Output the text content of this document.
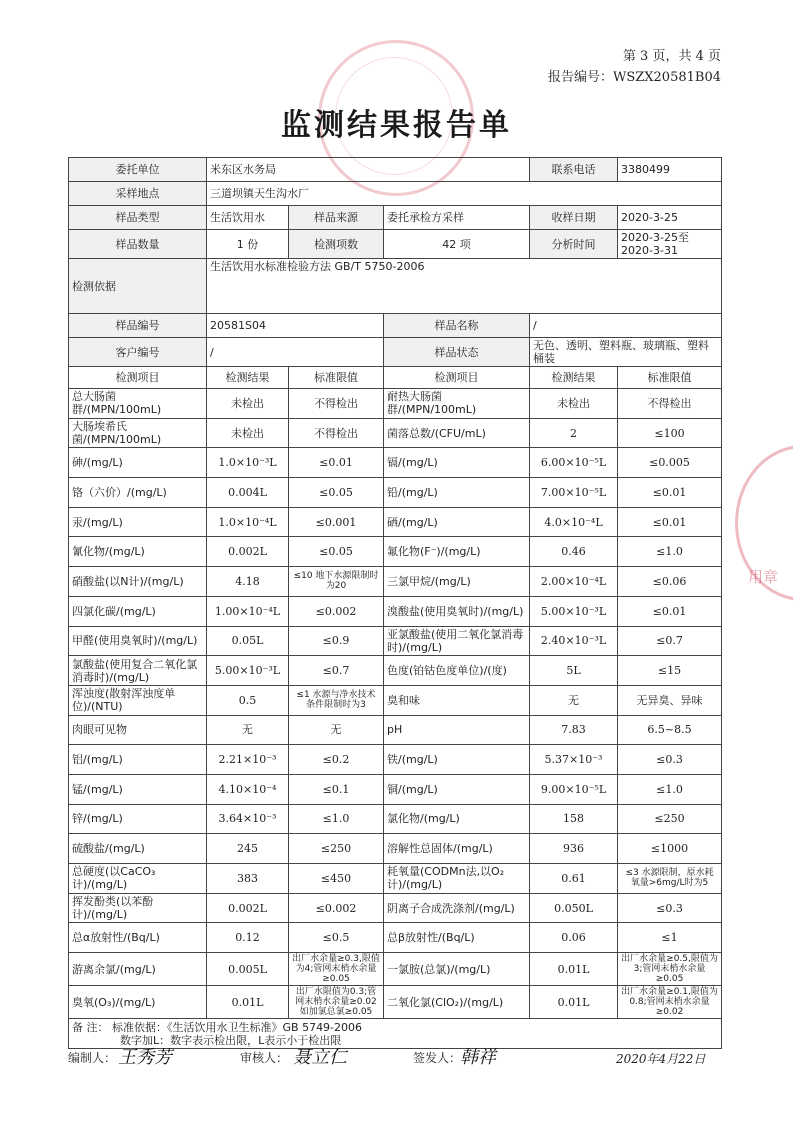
用章
第 3 页，共 4 页
报告编号：WSZX20581B04
监测结果报告单
委托单位	米东区水务局			联系电话	3380499
采样地点	三道坝镇天生沟水厂				
样品类型	生活饮用水	样品来源	委托承检方采样	收样日期	2020-3-25
样品数量	1 份	检测项数	42 项	分析时间	2020-3-25至2020-3-31
检测依据	生活饮用水标准检验方法 GB/T 5750-2006				
样品编号	20581S04		样品名称	/	
客户编号	/		样品状态	无色、透明、塑料瓶、玻璃瓶、塑料桶装	
检测项目	检测结果	标准限值	检测项目	检测结果	标准限值
总大肠菌群/(MPN/100mL)	未检出	不得检出	耐热大肠菌群/(MPN/100mL)	未检出	不得检出
大肠埃希氏菌/(MPN/100mL)	未检出	不得检出	菌落总数/(CFU/mL)	2	≤100
砷/(mg/L)	1.0×10⁻³L	≤0.01	镉/(mg/L)	6.00×10⁻⁵L	≤0.005
铬（六价）/(mg/L)	0.004L	≤0.05	铅/(mg/L)	7.00×10⁻⁵L	≤0.01
汞/(mg/L)	1.0×10⁻⁴L	≤0.001	硒/(mg/L)	4.0×10⁻⁴L	≤0.01
氰化物/(mg/L)	0.002L	≤0.05	氟化物(F⁻)/(mg/L)	0.46	≤1.0
硝酸盐(以N计)/(mg/L)	4.18	≤10 地下水源限制时为20	三氯甲烷/(mg/L)	2.00×10⁻⁴L	≤0.06
四氯化碳/(mg/L)	1.00×10⁻⁴L	≤0.002	溴酸盐(使用臭氧时)/(mg/L)	5.00×10⁻³L	≤0.01
甲醛(使用臭氧时)/(mg/L)	0.05L	≤0.9	亚氯酸盐(使用二氧化氯消毒时)/(mg/L)	2.40×10⁻³L	≤0.7
氯酸盐(使用复合二氧化氯消毒时)/(mg/L)	5.00×10⁻³L	≤0.7	色度(铂钴色度单位)/(度)	5L	≤15
浑浊度(散射浑浊度单位)/(NTU)	0.5	≤1 水源与净水技术条件限制时为3	臭和味	无	无异臭、异味
肉眼可见物	无	无	pH	7.83	6.5~8.5
铝/(mg/L)	2.21×10⁻³	≤0.2	铁/(mg/L)	5.37×10⁻³	≤0.3
锰/(mg/L)	4.10×10⁻⁴	≤0.1	铜/(mg/L)	9.00×10⁻⁵L	≤1.0
锌/(mg/L)	3.64×10⁻³	≤1.0	氯化物/(mg/L)	158	≤250
硫酸盐/(mg/L)	245	≤250	溶解性总固体/(mg/L)	936	≤1000
总硬度(以CaCO₃ 计)/(mg/L)	383	≤450	耗氧量(CODMn法,以O₂ 计)/(mg/L)	0.61	≤3 水源限制，原水耗氧量>6mg/L时为5
挥发酚类(以苯酚计)/(mg/L)	0.002L	≤0.002	阴离子合成洗涤剂/(mg/L)	0.050L	≤0.3
总α放射性/(Bq/L)	0.12	≤0.5	总β放射性/(Bq/L)	0.06	≤1
游离余氯/(mg/L)	0.005L	出厂水余量≥0.3,限值为4;管网末梢水余量≥0.05	一氯胺(总氯)/(mg/L)	0.01L	出厂水余量≥0.5,限值为3;管网末梢水余量≥0.05
臭氧(O₃)/(mg/L)	0.01L	出厂水限值为0.3;管网末梢水余量≥0.02 如加氯总氯≥0.05	二氧化氯(ClO₂)/(mg/L)	0.01L	出厂水余量≥0.1,限值为0.8;管网末梢水余量≥0.02
备 注： 标准依据：《生活饮用水卫生标准》GB 5749-2006
数字加L：数字表示检出限，L表示小于检出限					
编制人： 王秀芳	审核人： 聂立仁	签发人：
韩祥	2020年4月22日
